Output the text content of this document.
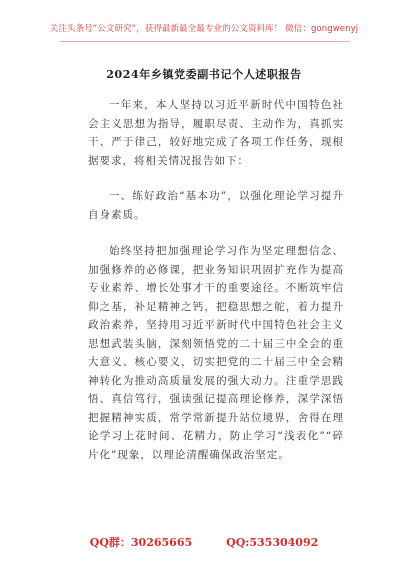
关注头条号“公文研究”，获得最新最全最专业的公文资料库！ 微信：gongwenyj
2024年乡镇党委副书记个人述职报告

一年来，本人坚持以习近平新时代中国特色社会主义思想为指导，履职尽责、主动作为，真抓实干、严于律己，较好地完成了各项工作任务，现根据要求，将相关情况报告如下：

一、练好政治“基本功”，以强化理论学习提升自身素质。

始终坚持把加强理论学习作为坚定理想信念、加强修养的必修课，把业务知识巩固扩充作为提高专业素养、增长处事才干的重要途径。不断筑牢信仰之基，补足精神之钙，把稳思想之舵，着力提升政治素养，坚持用习近平新时代中国特色社会主义思想武装头脑，深刻领悟党的二十届三中全会的重大意义、核心要义，切实把党的二十届三中全会精神转化为推动高质量发展的强大动力。注重学思践悟、真信笃行，强读强记提高理论修养，深学深悟把握精神实质，常学常新提升站位境界，舍得在理论学习上花时间、花精力，防止学习“浅表化”“碎片化”现象，以理论清醒确保政治坚定。

QQ群：30265665	QQ:535304092
